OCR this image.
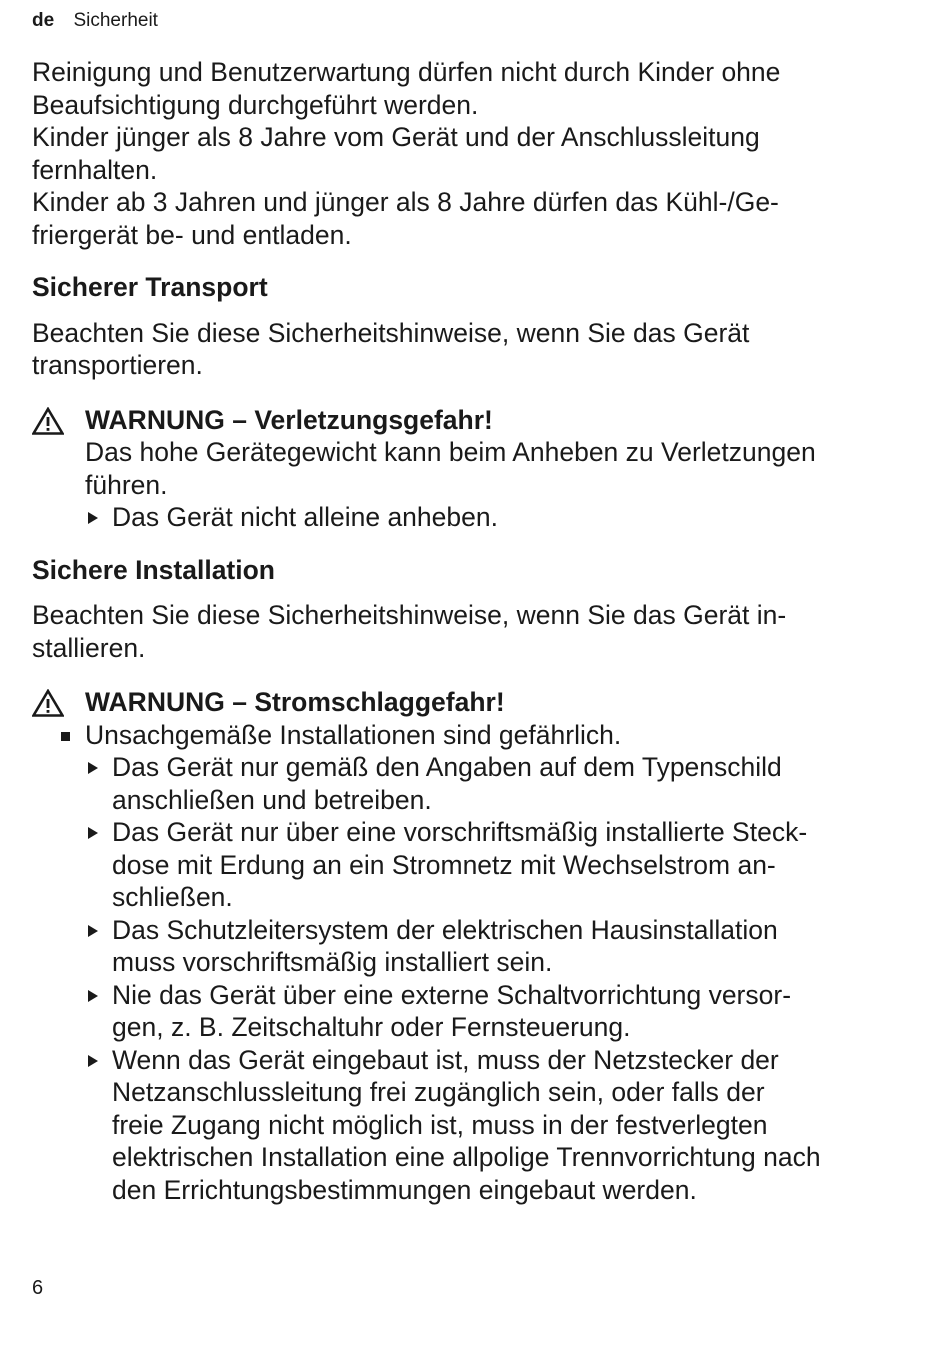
de Sicherheit
Reinigung und Benutzerwartung dürfen nicht durch Kinder ohne
Beaufsichtigung durchgeführt werden.
Kinder jünger als 8 Jahre vom Gerät und der Anschlussleitung
fernhalten.
Kinder ab 3 Jahren und jünger als 8 Jahre dürfen das Kühl-/Ge-
friergerät be- und entladen.
Sicherer Transport
Beachten Sie diese Sicherheitshinweise, wenn Sie das Gerät
transportieren.
WARNUNG – Verletzungsgefahr!
Das hohe Gerätegewicht kann beim Anheben zu Verletzungen
führen.
Das Gerät nicht alleine anheben.
Sichere Installation
Beachten Sie diese Sicherheitshinweise, wenn Sie das Gerät in-
stallieren.
WARNUNG – Stromschlaggefahr!
Unsachgemäße Installationen sind gefährlich.
Das Gerät nur gemäß den Angaben auf dem Typenschild
anschließen und betreiben.
Das Gerät nur über eine vorschriftsmäßig installierte Steck-
dose mit Erdung an ein Stromnetz mit Wechselstrom an-
schließen.
Das Schutzleitersystem der elektrischen Hausinstallation
muss vorschriftsmäßig installiert sein.
Nie das Gerät über eine externe Schaltvorrichtung versor-
gen, z. B. Zeitschaltuhr oder Fernsteuerung.
Wenn das Gerät eingebaut ist, muss der Netzstecker der
Netzanschlussleitung frei zugänglich sein, oder falls der
freie Zugang nicht möglich ist, muss in der festverlegten
elektrischen Installation eine allpolige Trennvorrichtung nach
den Errichtungsbestimmungen eingebaut werden.
6
